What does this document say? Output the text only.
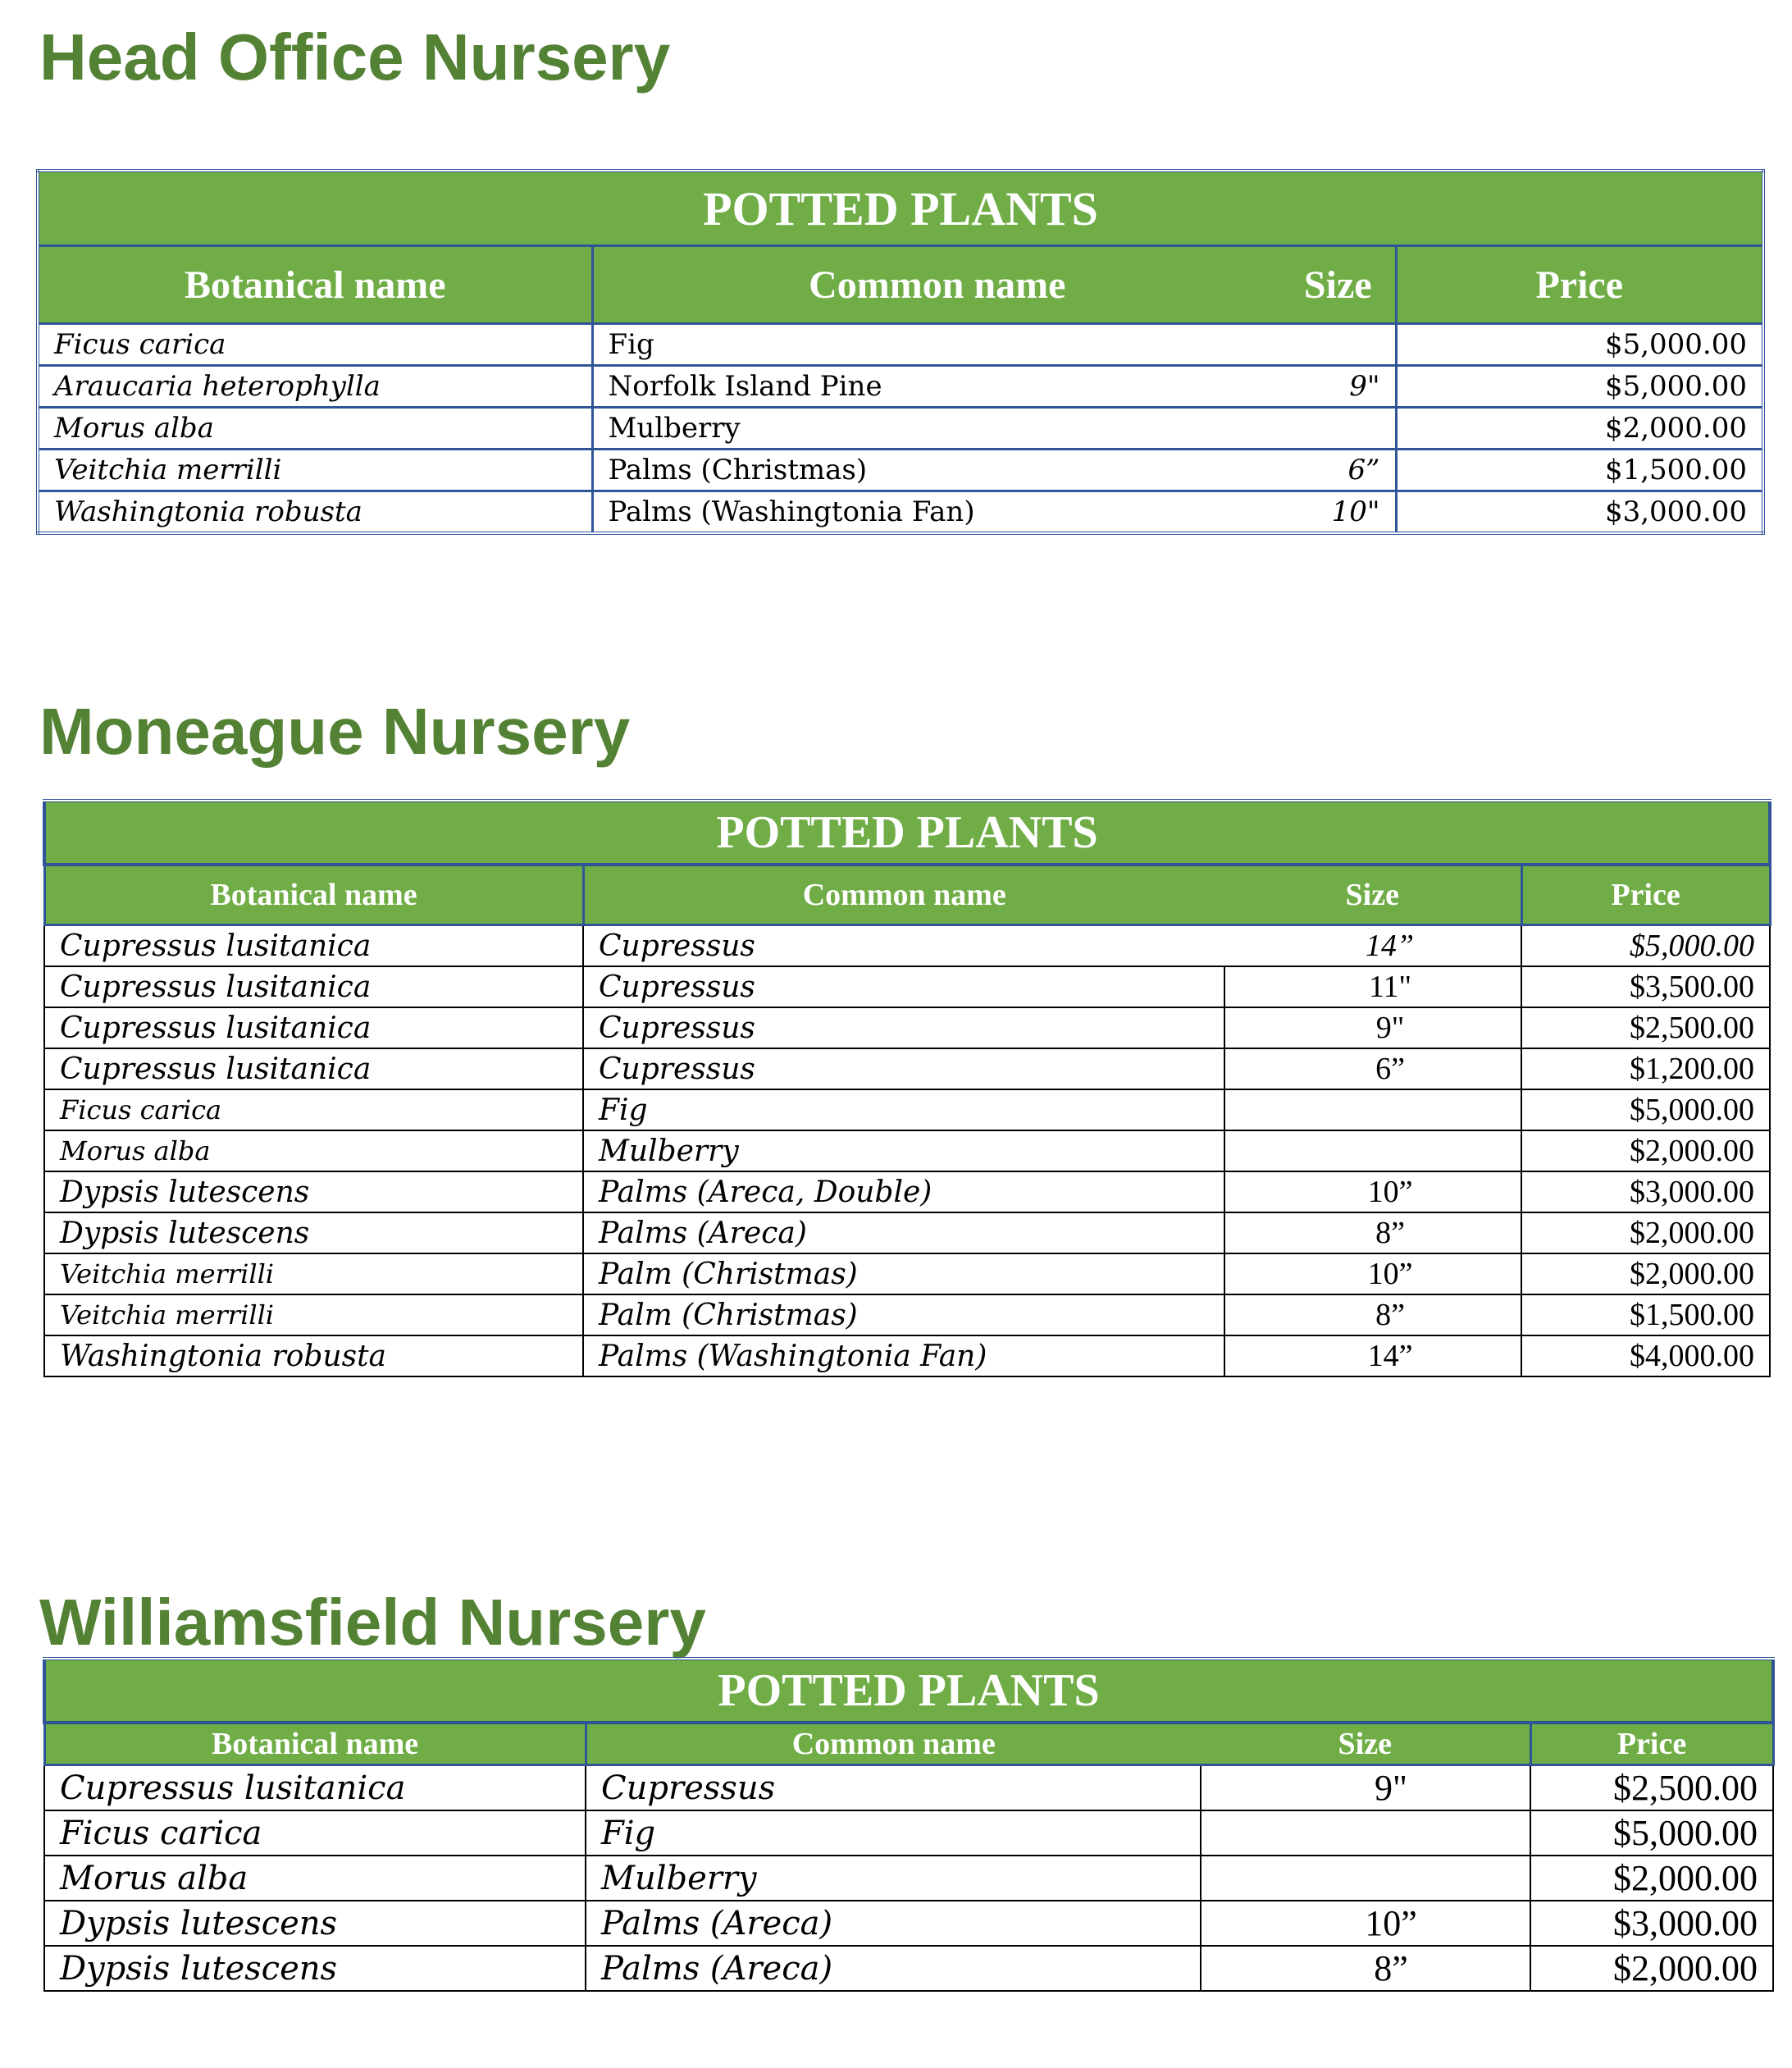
Head Office Nursery
POTTED PLANTS			
Botanical name	Common name	Size	Price
Ficus carica	Fig		$5,000.00
Araucaria heterophylla	Norfolk Island Pine	9"	$5,000.00
Morus alba	Mulberry		$2,000.00
Veitchia merrilli	Palms (Christmas)	6”	$1,500.00
Washingtonia robusta	Palms (Washingtonia Fan)	10"	$3,000.00
Moneague Nursery
POTTED PLANTS			
Botanical name	Common name	Size	Price
Cupressus lusitanica	Cupressus	14”	$5,000.00
Cupressus lusitanica	Cupressus	11"	$3,500.00
Cupressus lusitanica	Cupressus	9"	$2,500.00
Cupressus lusitanica	Cupressus	6”	$1,200.00
Ficus carica	Fig		$5,000.00
Morus alba	Mulberry		$2,000.00
Dypsis lutescens	Palms (Areca, Double)	10”	$3,000.00
Dypsis lutescens	Palms (Areca)	8”	$2,000.00
Veitchia merrilli	Palm (Christmas)	10”	$2,000.00
Veitchia merrilli	Palm (Christmas)	8”	$1,500.00
Washingtonia robusta	Palms (Washingtonia Fan)	14”	$4,000.00
Williamsfield Nursery
POTTED PLANTS			
Botanical name	Common name	Size	Price
Cupressus lusitanica	Cupressus	9"	$2,500.00
Ficus carica	Fig		$5,000.00
Morus alba	Mulberry		$2,000.00
Dypsis lutescens	Palms (Areca)	10”	$3,000.00
Dypsis lutescens	Palms (Areca)	8”	$2,000.00
